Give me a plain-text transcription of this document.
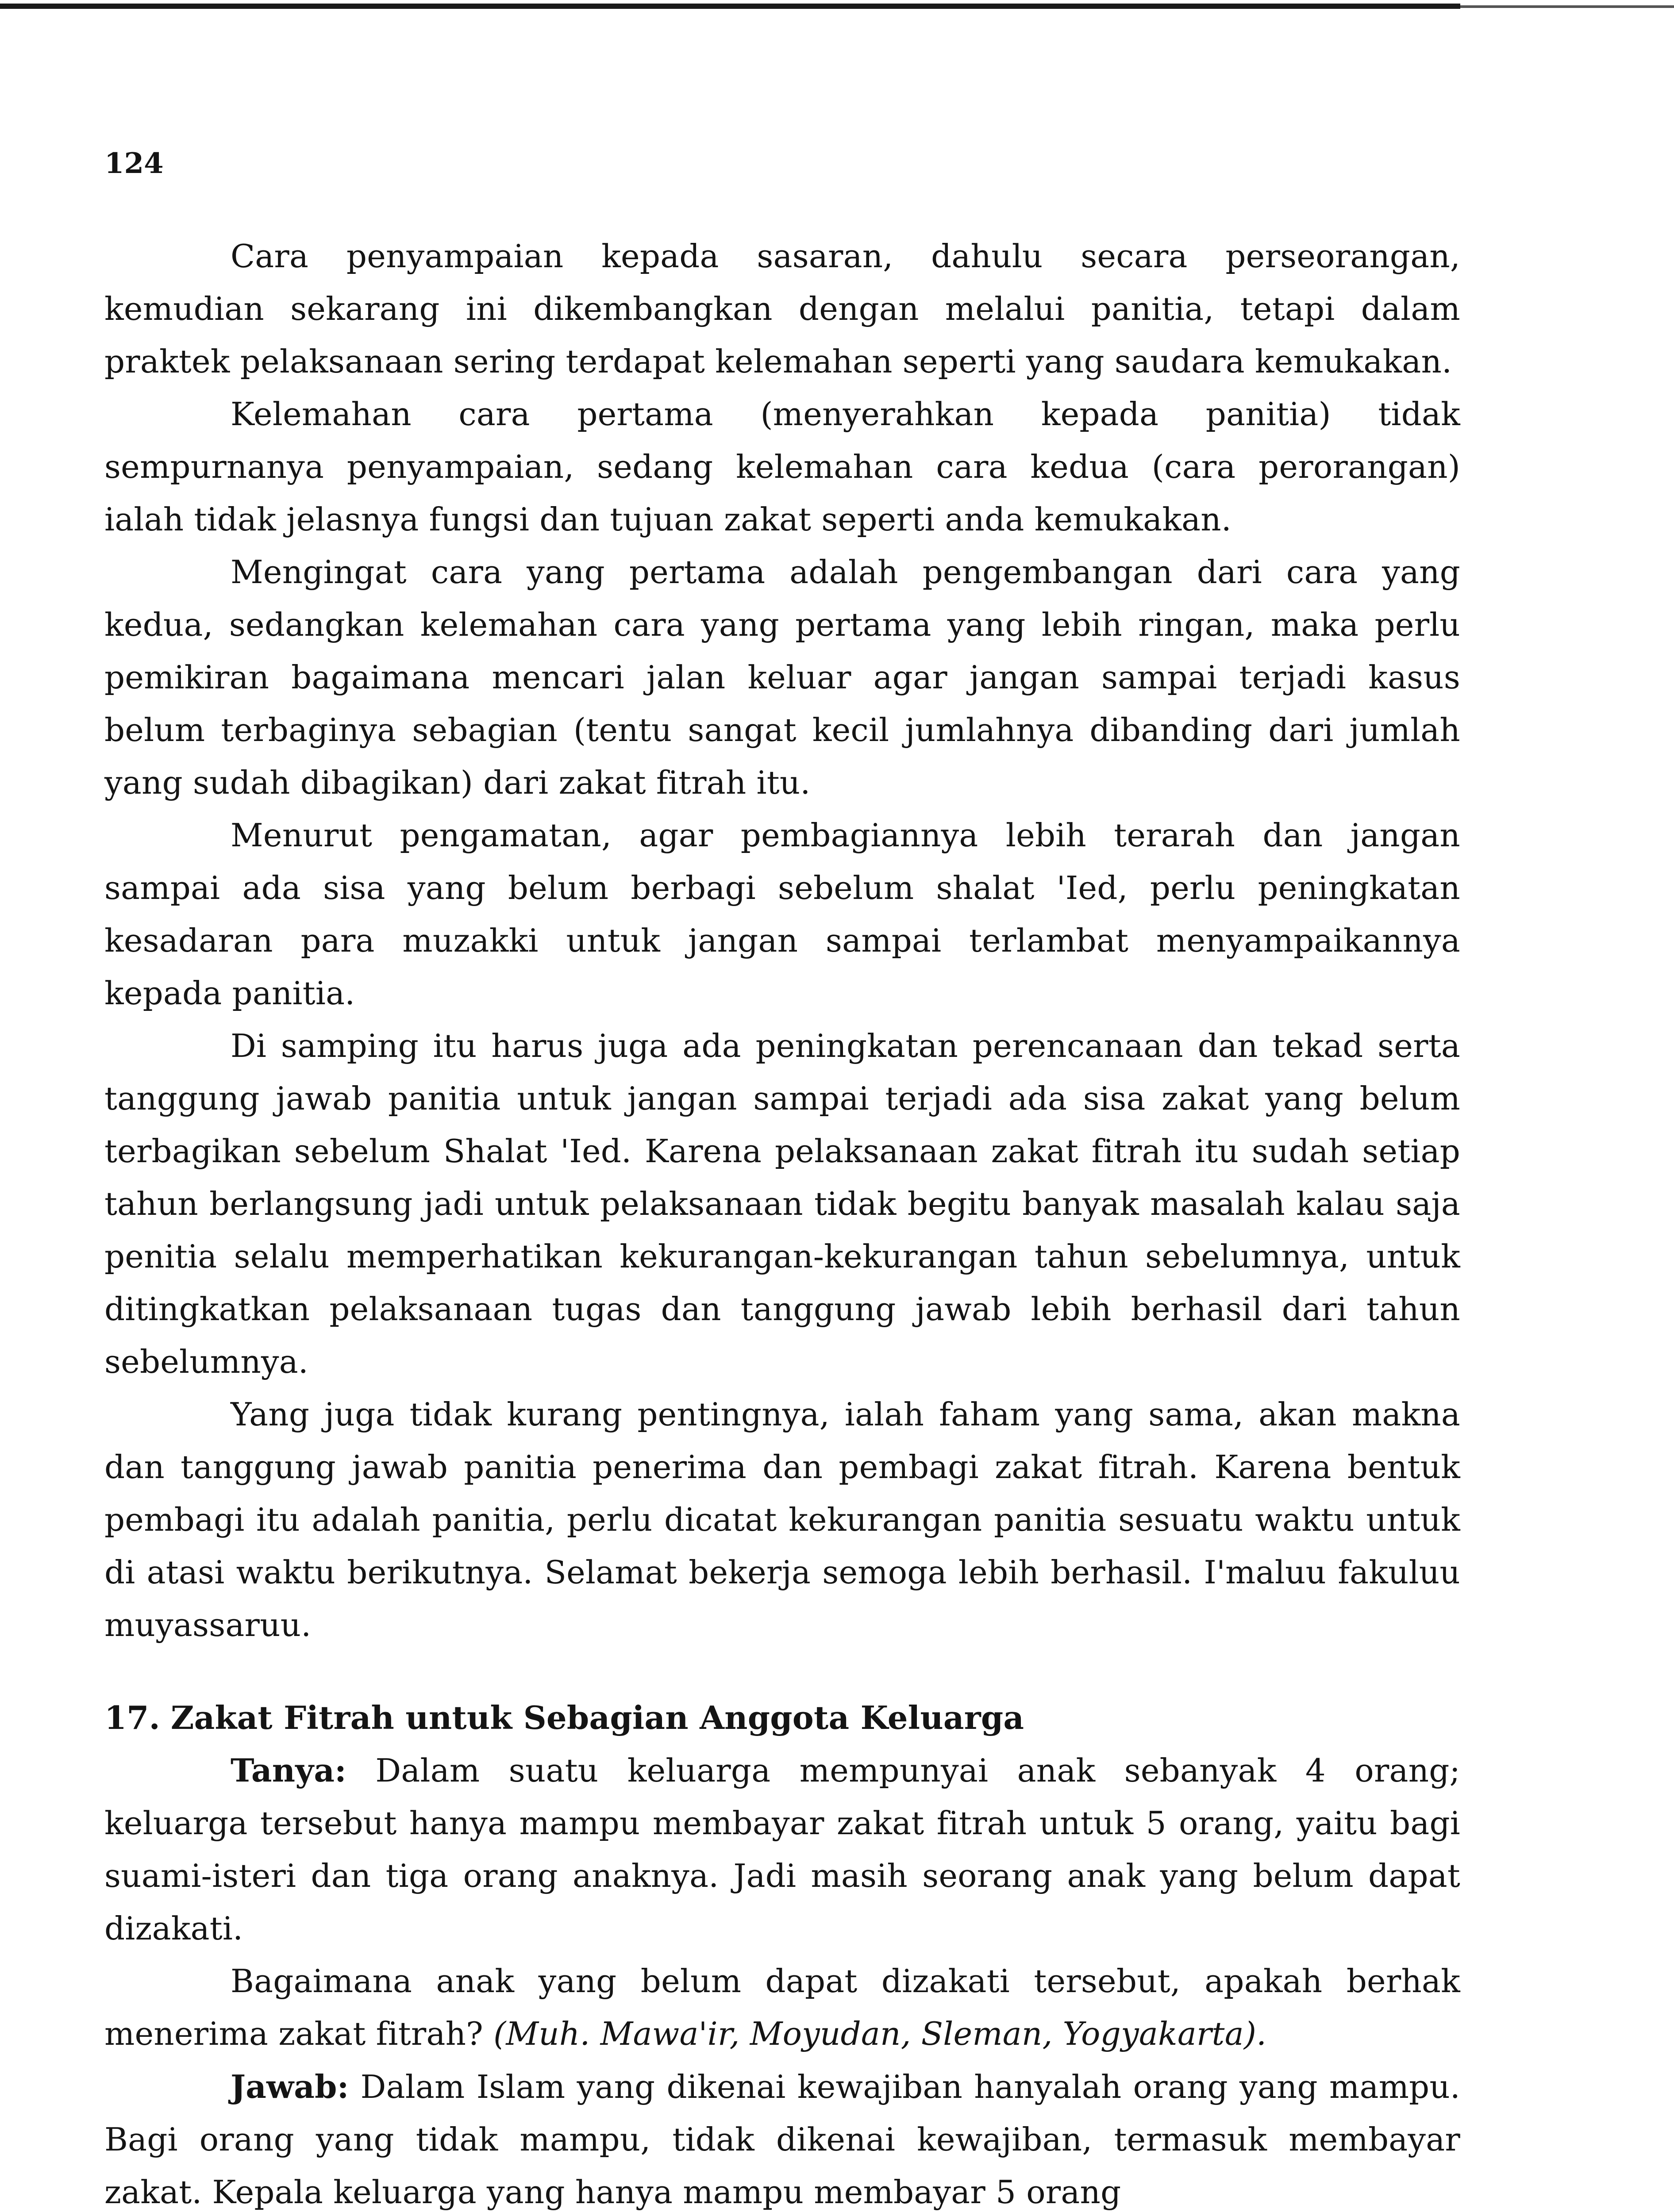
124

Cara penyampaian kepada sasaran, dahulu secara perseorangan, kemudian sekarang ini dikembangkan dengan melalui panitia, tetapi dalam praktek pelaksanaan sering terdapat kelemahan seperti yang saudara kemukakan.

Kelemahan cara pertama (menyerahkan kepada panitia) tidak sempurnanya penyampaian, sedang kelemahan cara kedua (cara perorangan) ialah tidak jelasnya fungsi dan tujuan zakat seperti anda kemukakan.

Mengingat cara yang pertama adalah pengembangan dari cara yang kedua, sedangkan kelemahan cara yang pertama yang lebih ringan, maka perlu pemikiran bagaimana mencari jalan keluar agar jangan sampai terjadi kasus belum terbaginya sebagian (tentu sangat kecil jumlahnya dibanding dari jumlah yang sudah dibagikan) dari zakat fitrah itu.

Menurut pengamatan, agar pembagiannya lebih terarah dan jangan sampai ada sisa yang belum berbagi sebelum shalat 'Ied, perlu peningkatan kesadaran para muzakki untuk jangan sampai terlambat menyampaikannya kepada panitia.

Di samping itu harus juga ada peningkatan perencanaan dan tekad serta tanggung jawab panitia untuk jangan sampai terjadi ada sisa zakat yang belum terbagikan sebelum Shalat 'Ied. Karena pelaksanaan zakat fitrah itu sudah setiap tahun berlangsung jadi untuk pelaksanaan tidak begitu banyak masalah kalau saja penitia selalu memperhatikan kekurangan-kekurangan tahun sebelumnya, untuk ditingkatkan pelaksanaan tugas dan tanggung jawab lebih berhasil dari tahun sebelumnya.

Yang juga tidak kurang pentingnya, ialah faham yang sama, akan makna dan tanggung jawab panitia penerima dan pembagi zakat fitrah. Karena bentuk pembagi itu adalah panitia, perlu dicatat kekurangan panitia sesuatu waktu untuk di atasi waktu berikutnya. Selamat bekerja semoga lebih berhasil. I'maluu fakuluu muyassaruu.

17. Zakat Fitrah untuk Sebagian Anggota Keluarga

Tanya: Dalam suatu keluarga mempunyai anak sebanyak 4 orang; keluarga tersebut hanya mampu membayar zakat fitrah untuk 5 orang, yaitu bagi suami-isteri dan tiga orang anaknya. Jadi masih seorang anak yang belum dapat dizakati.

Bagaimana anak yang belum dapat dizakati tersebut, apakah berhak menerima zakat fitrah? (Muh. Mawa'ir, Moyudan, Sleman, Yogyakarta).

Jawab: Dalam Islam yang dikenai kewajiban hanyalah orang yang mampu. Bagi orang yang tidak mampu, tidak dikenai kewajiban, termasuk membayar zakat. Kepala keluarga yang hanya mampu membayar 5 orang
